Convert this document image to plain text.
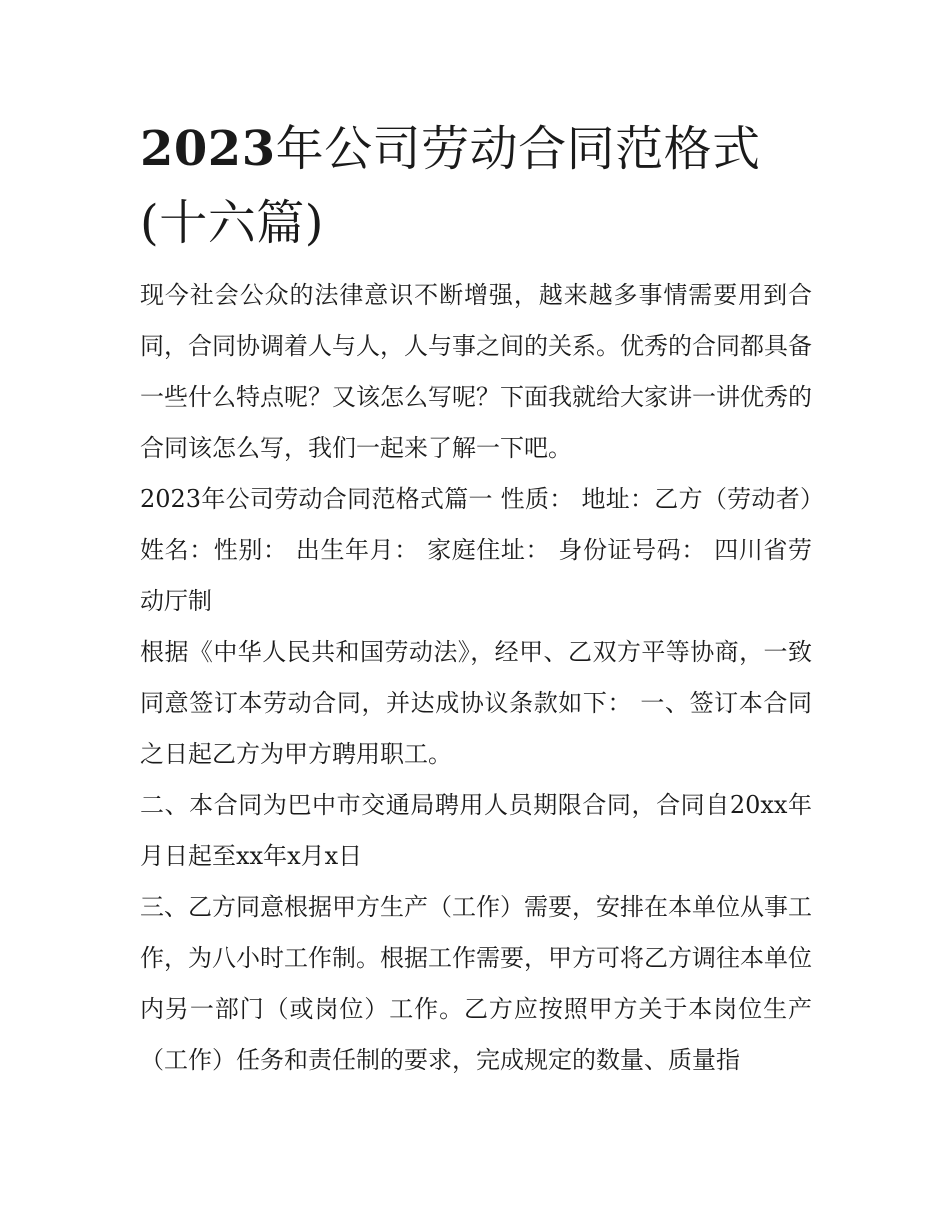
2023年公司劳动合同范格式(十六篇)

现今社会公众的法律意识不断增强，越来越多事情需要用到合同，合同协调着人与人，人与事之间的关系。优秀的合同都具备一些什么特点呢？又该怎么写呢？下面我就给大家讲一讲优秀的合同该怎么写，我们一起来了解一下吧。

2023年公司劳动合同范格式篇一 性质： 地址：乙方（劳动者）姓名：性别： 出生年月： 家庭住址： 身份证号码： 四川省劳动厅制

根据《中华人民共和国劳动法》，经甲、乙双方平等协商，一致同意签订本劳动合同，并达成协议条款如下： 一、签订本合同之日起乙方为甲方聘用职工。

二、本合同为巴中市交通局聘用人员期限合同，合同自20xx年月日起至xx年x月x日

三、乙方同意根据甲方生产（工作）需要，安排在本单位从事工作，为八小时工作制。根据工作需要，甲方可将乙方调往本单位内另一部门（或岗位）工作。乙方应按照甲方关于本岗位生产（工作）任务和责任制的要求，完成规定的数量、质量指
